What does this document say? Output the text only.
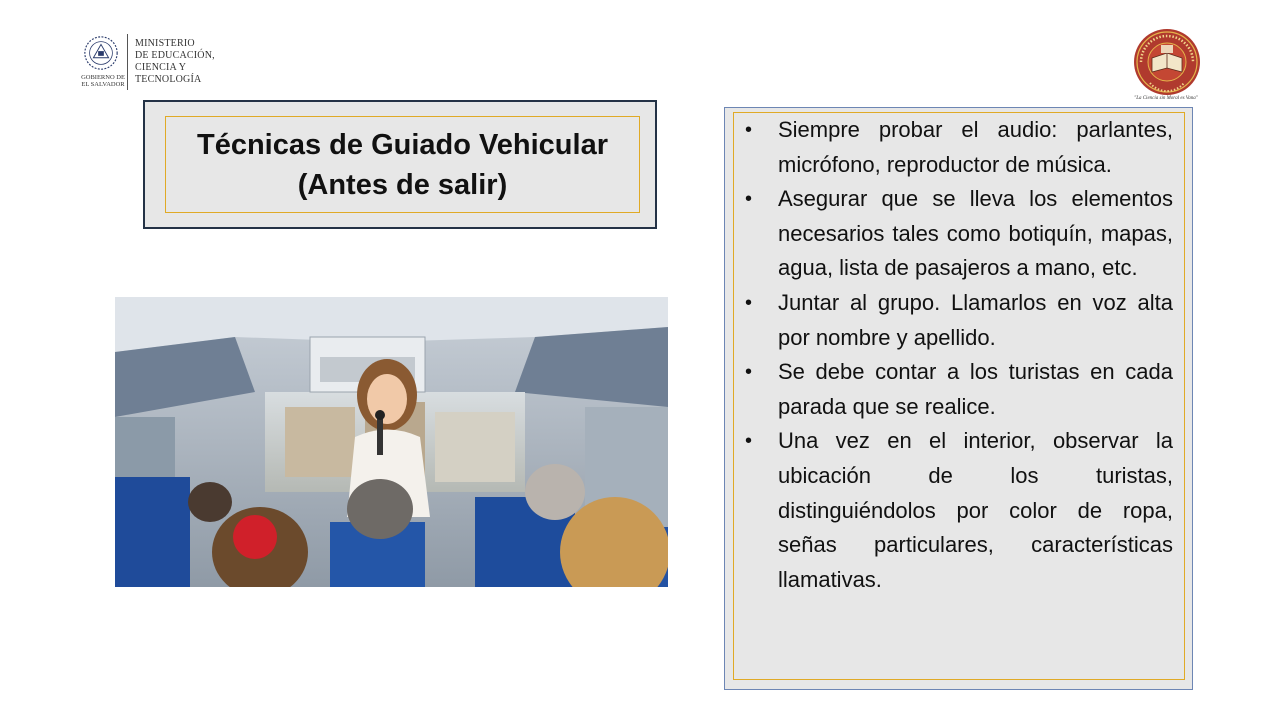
GOBIERNO DE EL SALVADOR
MINISTERIO
DE EDUCACIÓN,
CIENCIA Y
TECNOLOGÍA
"La Ciencia sin Moral es Vana"
Técnicas de Guiado Vehicular
(Antes de salir)
• Siempre probar el audio: parlantes, micrófono, reproductor de música.
• Asegurar que se lleva los elementos necesarios tales como botiquín, mapas, agua, lista de pasajeros a mano, etc.
• Juntar al grupo. Llamarlos en voz alta por nombre y apellido.
• Se debe contar a los turistas en cada parada que se realice.
• Una vez en el interior, observar la ubicación de los turistas, distinguiéndolos por color de ropa, señas particulares, características llamativas.
